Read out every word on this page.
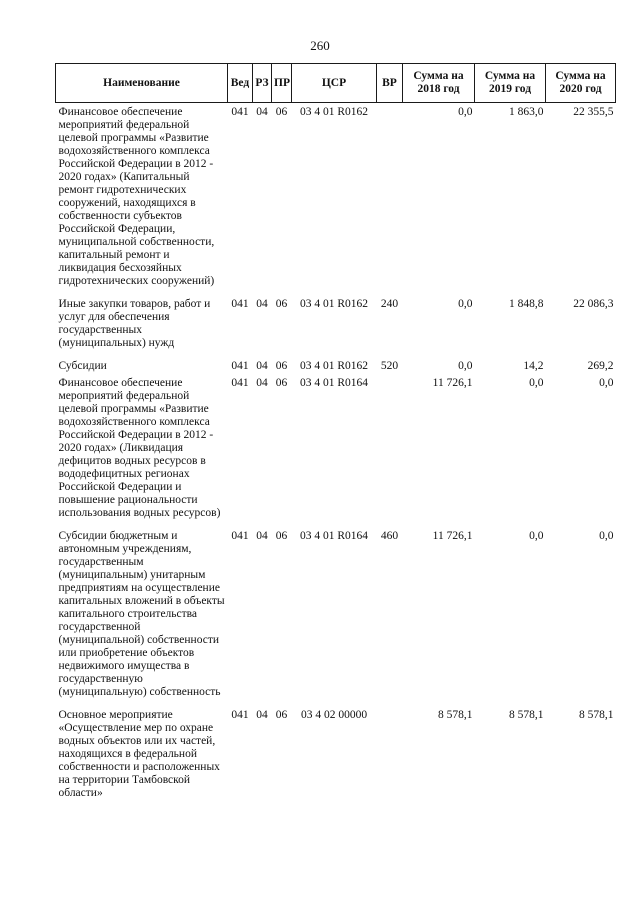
260
Наименование	Вед	РЗ	ПР	ЦСР	ВР	Сумма на 2018 год	Сумма на 2019 год	Сумма на 2020 год
Финансовое обеспечение мероприятий федеральной целевой программы «Развитие водохозяйственного комплекса Российской Федерации в 2012 - 2020 годах» (Капитальный ремонт гидротехнических сооружений, находящихся в собственности субъектов Российской Федерации, муниципальной собственности, капитальный ремонт и ликвидация бесхозяйных гидротехнических сооружений)	041	04	06	03 4 01 R0162		0,0	1 863,0	22 355,5
Иные закупки товаров, работ и услуг для обеспечения государственных (муниципальных) нужд	041	04	06	03 4 01 R0162	240	0,0	1 848,8	22 086,3
Субсидии	041	04	06	03 4 01 R0162	520	0,0	14,2	269,2
Финансовое обеспечение мероприятий федеральной целевой программы «Развитие водохозяйственного комплекса Российской Федерации в 2012 - 2020 годах» (Ликвидация дефицитов водных ресурсов в вододефицитных регионах Российской Федерации и повышение рациональности использования водных ресурсов)	041	04	06	03 4 01 R0164		11 726,1	0,0	0,0
Субсидии бюджетным и автономным учреждениям, государственным (муниципальным) унитарным предприятиям на осуществление капитальных вложений в объекты капитального строительства государственной (муниципальной) собственности или приобретение объектов недвижимого имущества в государственную (муниципальную) собственность	041	04	06	03 4 01 R0164	460	11 726,1	0,0	0,0
Основное мероприятие «Осуществление мер по охране водных объектов или их частей, находящихся в федеральной собственности и расположенных на территории Тамбовской области»	041	04	06	03 4 02 00000		8 578,1	8 578,1	8 578,1
